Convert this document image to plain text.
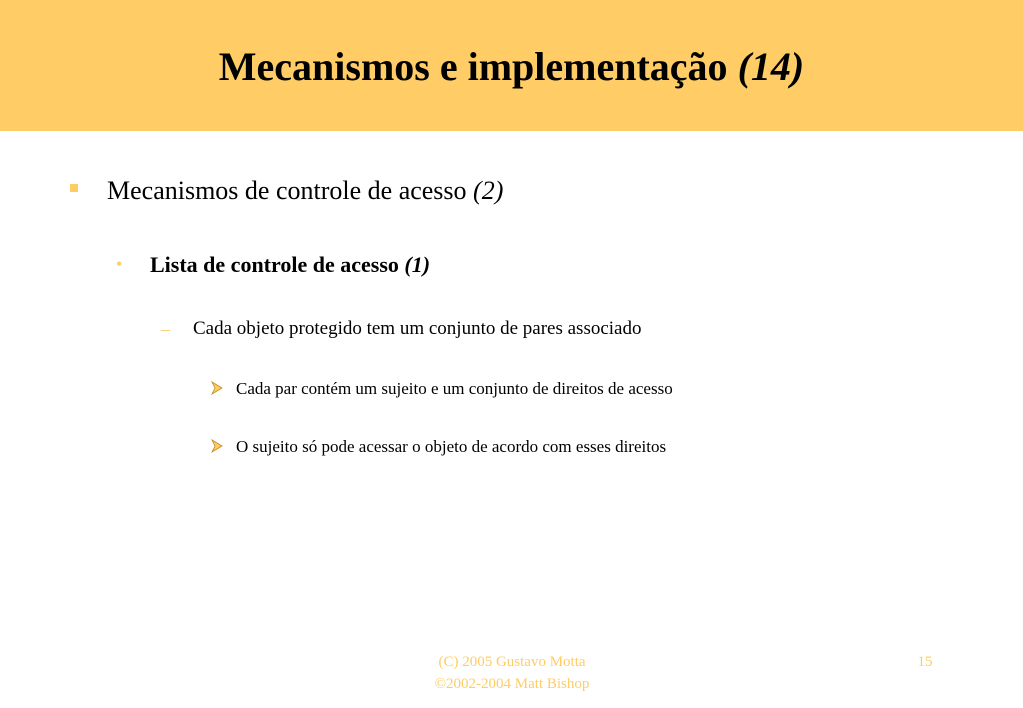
Mecanismos e implementação (14)
Mecanismos de controle de acesso (2)
• Lista de controle de acesso (1)
– Cada objeto protegido tem um conjunto de pares associado
Cada par contém um sujeito e um conjunto de direitos de acesso
O sujeito só pode acessar o objeto de acordo com esses direitos
(C) 2005 Gustavo Motta
©2002-2004 Matt Bishop
15
